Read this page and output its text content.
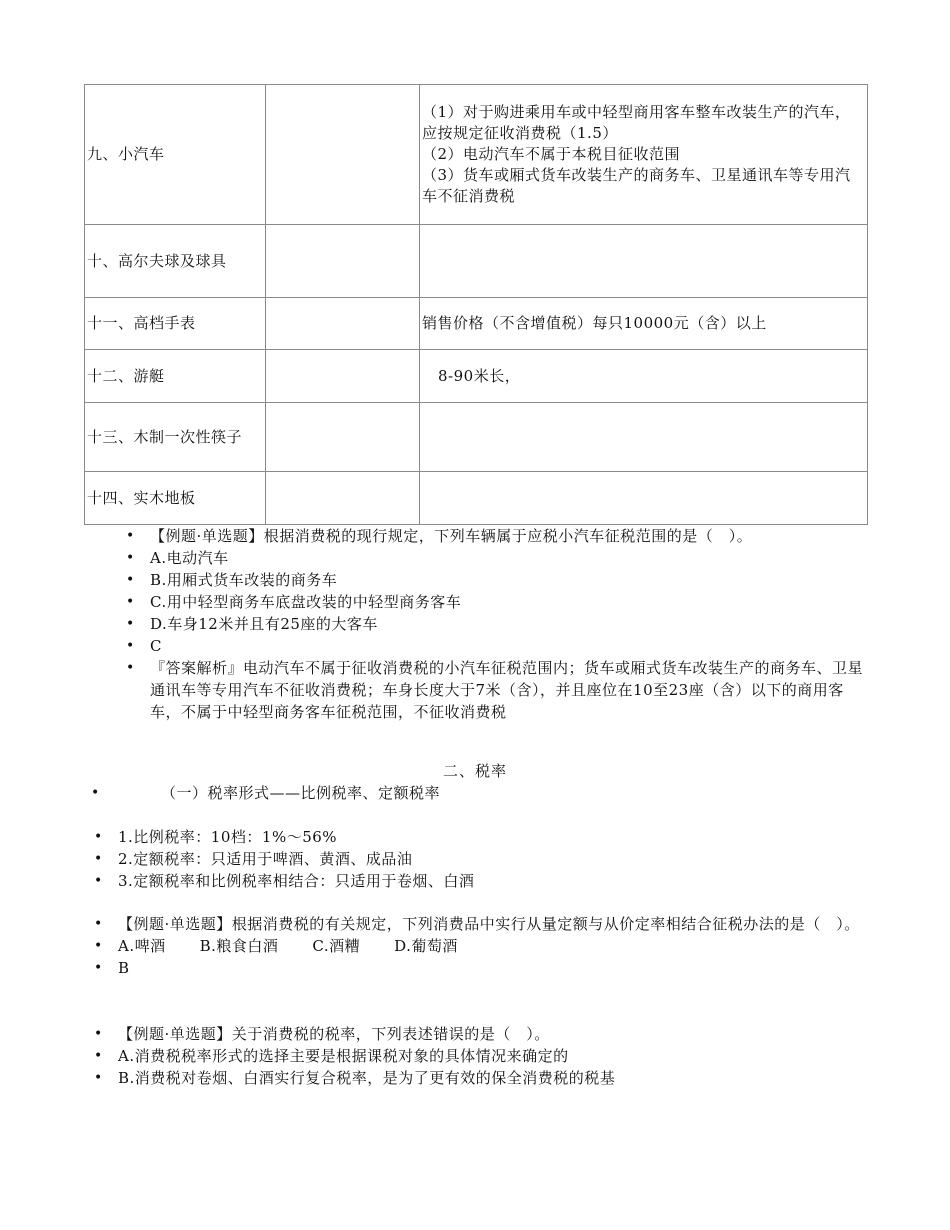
九、小汽车		（1）对于购进乘用车或中轻型商用客车整车改装生产的汽车，应按规定征收消费税（1.5）
（2）电动汽车不属于本税目征收范围
（3）货车或厢式货车改装生产的商务车、卫星通讯车等专用汽车不征消费税

十、高尔夫球及球具		
十一、高档手表		销售价格（不含增值税）每只10000元（含）以上
十二、游艇		8-90米长，
十三、木制一次性筷子		
十四、实木地板		
• 【例题·单选题】根据消费税的现行规定，下列车辆属于应税小汽车征税范围的是（　）。
• A.电动汽车
• B.用厢式货车改装的商务车
• C.用中轻型商务车底盘改装的中轻型商务客车
• D.车身12米并且有25座的大客车
• C
• 『答案解析』电动汽车不属于征收消费税的小汽车征税范围内；货车或厢式货车改装生产的商务车、卫星通讯车等专用汽车不征收消费税；车身长度大于7米（含），并且座位在10至23座（含）以下的商用客车，不属于中轻型商务客车征税范围，不征收消费税
二、税率
• （一）税率形式——比例税率、定额税率
• 1.比例税率：10档：1%～56%
• 2.定额税率：只适用于啤酒、黄酒、成品油
• 3.定额税率和比例税率相结合：只适用于卷烟、白酒
• 【例题·单选题】根据消费税的有关规定，下列消费品中实行从量定额与从价定率相结合征税办法的是（　）。
• A.啤酒 B.粮食白酒 C.酒糟 D.葡萄酒
• B
• 【例题·单选题】关于消费税的税率，下列表述错误的是（　）。
• A.消费税税率形式的选择主要是根据课税对象的具体情况来确定的
• B.消费税对卷烟、白酒实行复合税率，是为了更有效的保全消费税的税基
